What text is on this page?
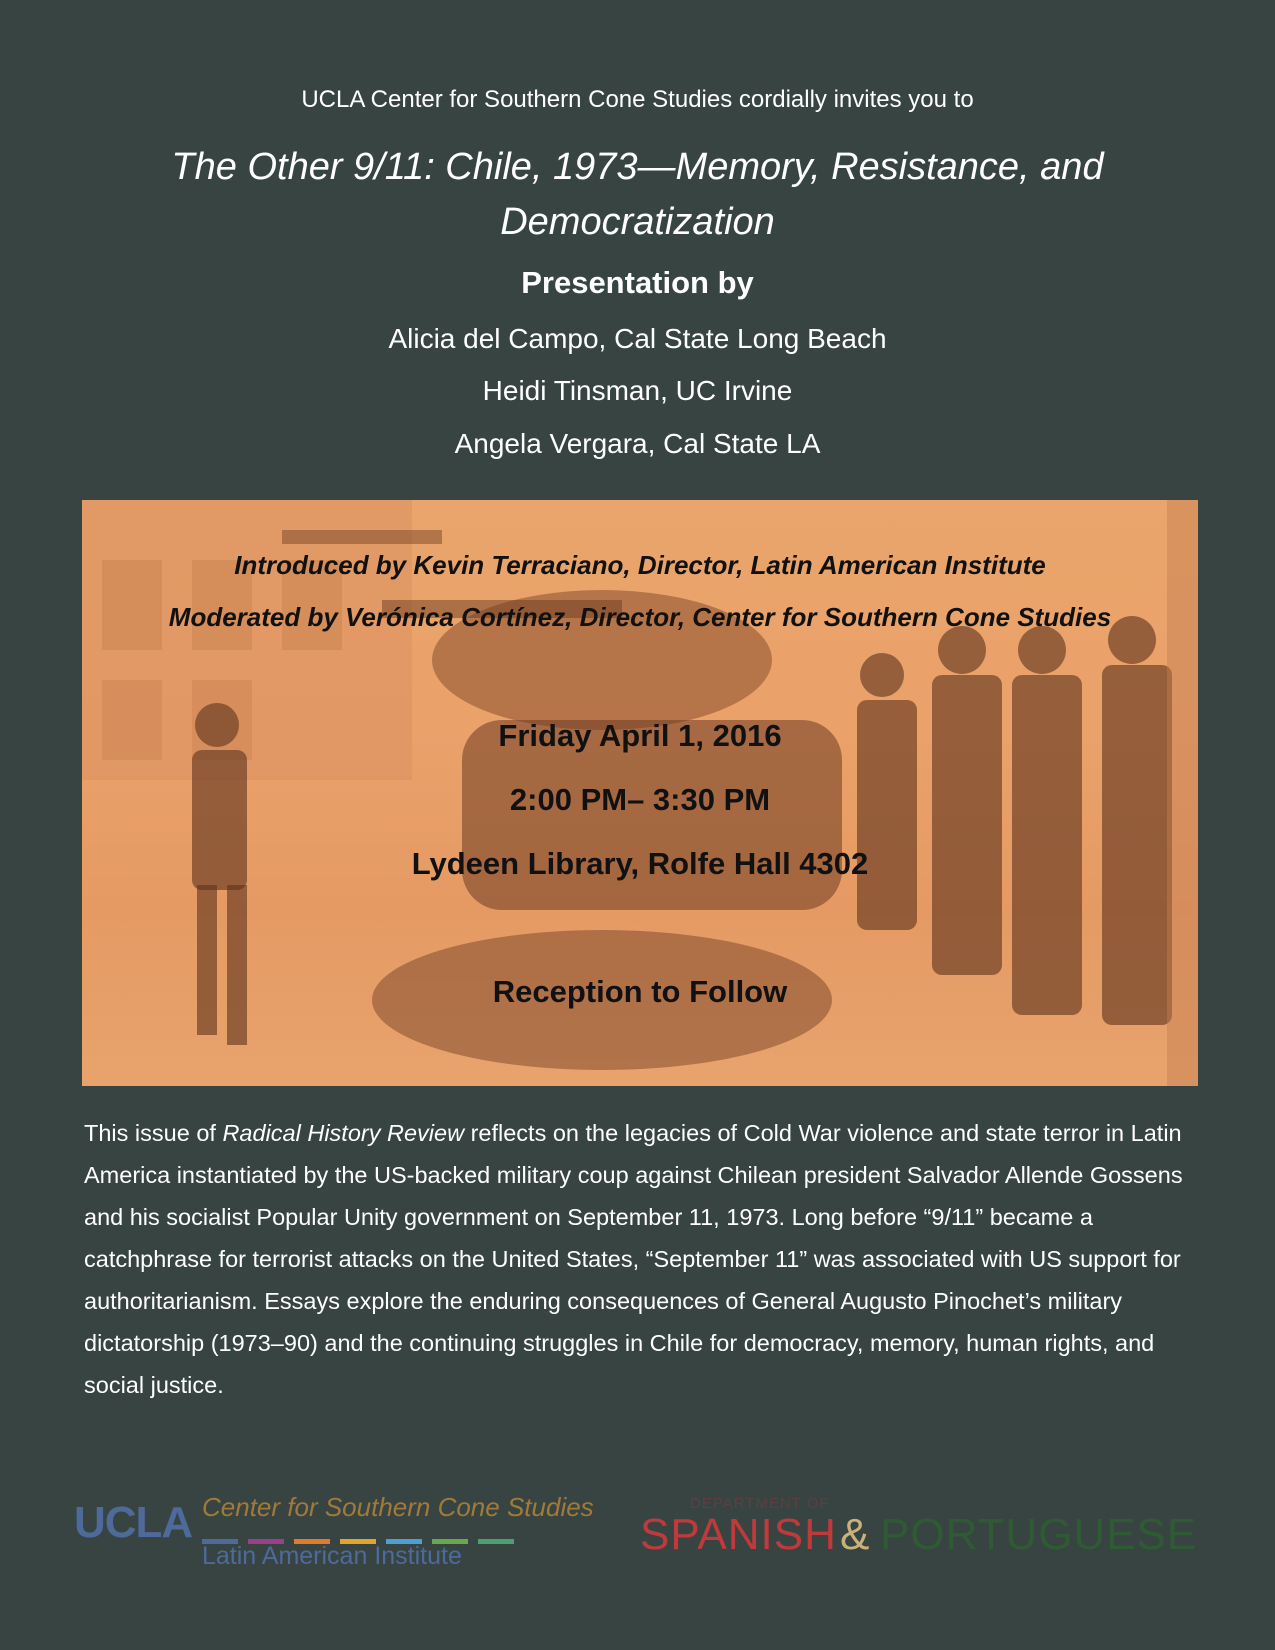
UCLA Center for Southern Cone Studies cordially invites you to
The Other 9/11: Chile, 1973—Memory, Resistance, and Democratization
Presentation by
Alicia del Campo, Cal State Long Beach
Heidi Tinsman, UC Irvine
Angela Vergara, Cal State LA
Introduced by Kevin Terraciano, Director, Latin American Institute
Moderated by Verónica Cortínez, Director, Center for Southern Cone Studies
Friday April 1, 2016
2:00 PM– 3:30 PM
Lydeen Library, Rolfe Hall 4302
Reception to Follow
This issue of Radical History Review reflects on the legacies of Cold War violence and state terror in Latin America instantiated by the US-backed military coup against Chilean president Salvador Allende Gossens and his socialist Popular Unity government on September 11, 1973. Long before “9/11” became a catchphrase for terrorist attacks on the United States, “September 11” was associated with US support for authoritarianism. Essays explore the enduring consequences of General Augusto Pinochet’s military dictatorship (1973–90) and the continuing struggles in Chile for democracy, memory, human rights, and social justice.
UCLA Center for Southern Cone Studies
Latin American Institute
DEPARTMENT OF
SPANISH & PORTUGUESE
